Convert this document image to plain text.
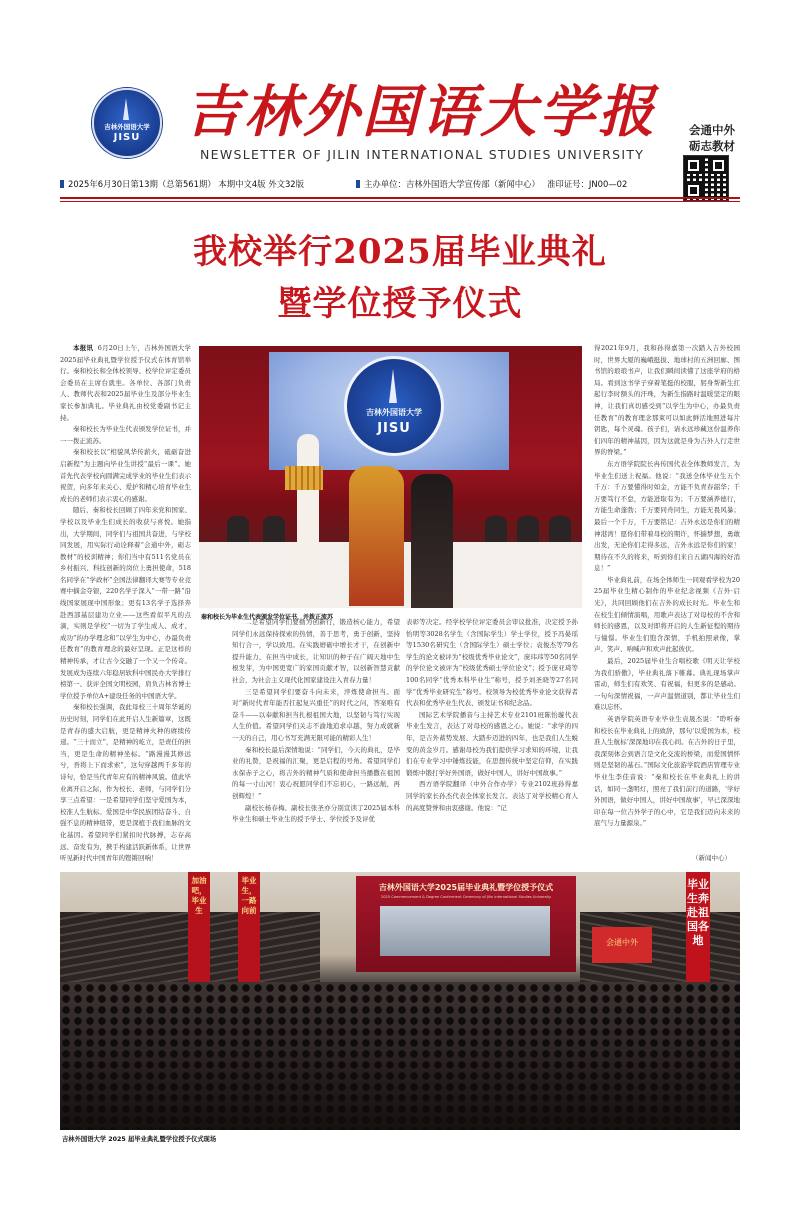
吉林外国语大学
JISU 吉林外国语大学报
NEWSLETTER OF JILIN INTERNATIONAL STUDIES UNIVERSITY
会通中外
砺志教材
2025年6月30日第13期（总第561期） 本期中文4版 外文32版	主办单位：吉林外国语大学宣传部（新闻中心） 准印证号：JN00—02
我校举行2025届毕业典礼
暨学位授予仪式

本报讯 6月20日上午，吉林外国语大学2025届毕业典礼暨学位授予仪式在体育馆举行。秦和校长和全体校领导、校学位评定委员会委员在主席台就坐。各单位、各部门负责人、教师代表和2025届毕业生及部分毕业生家长参加典礼。毕业典礼由校党委副书记主持。

秦和校长为毕业生代表颁发学位证书，并一一拨正流苏。

秦和校长以“相貌风华传薪火，砥砺奋进启新程”为主题向毕业生讲授“最后一课”。她首先代表学校向圆满完成学业的毕业生们表示祝贺，向多年来关心、爱护和精心培育毕业生成长的老师们表示衷心的感谢。

随后，秦和校长回顾了四年来党和国家、学校以及毕业生们成长的收获与喜悦。她指出，大学期间，同学们与祖国共奋进，与学校同发展，用实际行动诠释着“会通中外，砺志教材”的校训精神；你们当中有511名党员在乡村振兴、科技创新的岗位上勇担使命，518名同学在“学政杯”全国法律翻译大赛等专业竞赛中摘金夺银，220名学子深入“一带一路”沿线国家展现中国形象；更有13名学子选择奔赴西部基层建功立业——这些看似平凡的点滴，实则是学校“一切为了学生成人、成才、成功”的办学理念和“以学生为中心，办最负责任教育”的教育理念的最好呈现。正是这样的精神传承，才让古今交融了一个又一个传奇。发展成为连续六年稳居软科中国民办大学排行榜第一、获评全国文明校园，肩负吉林省博士学位授予单位A+建设任务的中国语大学。

秦和校长强调，我此母校三十周年华诞的历史时刻，同学们在此开启人生新篇章，这既是青春的盛大启航，更是精神火种的赓续传递。“三十而立”，是精神的屹立，是责任的担当，更是生命的精神坐标。“路漫漫其修远兮，吾将上下而求索”，这句穿越两千多年的诗句，恰是当代青年应有的精神风貌。值此毕业离开启之际，作为校长、老师，与同学们分享三点希望：一是希望同学们坚守爱国为本，校准人生航标。爱国是中华民族团结奋斗、自强不息的精神纽带，更是深植于我们血脉的文化基因。希望同学们紧扣时代脉搏，志存高远、奋发有为，携手构建活跃新体系，让世界听见新时代中国青年的铿锵回响！

吉林外国语大学
JISU
秦和校长为毕业生代表颁发学位证书，并拨正流苏

二是希望同学们要勤为创新行，锻造核心能力，希望同学们永远保持探索的热情，善于思考，勇于创新，坚持知行合一，学以致用。在实践磨砺中增长才干，在创新中提升能力，在担当中成长，让知识的种子在广阔天地中生根发芽，为中国更宽广的家国贡献才智，以创新智慧贡献社会，为社会主义现代化国家建设注入青春力量！

三是希望同学们要奋斗向未来，淬炼使命担当。面对“新时代青年能否扛起复兴重任”的时代之问，答案唯有奋斗——以奉献和担当扎根祖国大地，以坚韧与笃行实现人生价值。希望同学们关志不渝地追求卓越，努力成就新一天的自己，用心书写充满无限可能的精彩人生！

秦和校长最后深情地说：“同学们，今天的典礼，是毕业的礼赞，是祝福的汇聚，更是启程的号角。希望同学们永保赤子之心，将吉外的精神气质和使命担当播撒在祖国的每一寸山河！衷心祝愿同学们不忘初心，一路远航，再创辉煌！”

副校长杨春梅、副校长张圣亦分别宣读了2025届本科毕业生和硕士毕业生的授予学士、学位授予及评优

表彰等决定。经学校学位评定委员会审议批准，决定授予孙怡明等3028名学生（含国际学生）学士学位，授予冯晏瑶等1530名研究生（含国际学生）硕士学位；袁俊杰等79名学生的论文被评为“校级优秀毕业论文”，庞玮玮等50名同学的学位论文被评为“校级优秀硕士学位论文”；授予庞亚琦等100名同学“优秀本科毕业生”称号，授予刘圣晓等27名同学“优秀毕业研究生”称号。校领导为校优秀毕业论文获得者代表和优秀毕业生代表、颁发证书和纪念品。

国际艺术学院播音与主持艺术专业2101班陈怡璇代表毕业生发言，表达了对母校的感恩之心。她说：“求学的四年，是吉外蓄势发展、大踏步迈进的四年，也是我们人生蜕变的黄金岁月。感谢母校为我们提供学习求知的环境，让我们在专业学习中锤炼技能，在思想传统中坚定信仰，在实践锻炼中锻打学好外国语，做好中国人，讲好中国故事。”

西方语学院翻译（中外合作办学）专业2102班孙得嘉同学的家长孙杰代表全体家长发言。表达了对学校精心育人的高度赞誉和由衷感谢。他说：“记

得2021年9月，我和孙得嘉第一次踏入吉外校园时，世界大厦的巍峨挺拔、地球村的五洲回廊、图书馆的琅琅书声，让我们瞬间读懂了这座学府的格局。看到这书学子穿着笔挺的校服，躬身帮新生扛起行李时额头的汗珠，为新生指路时温暖坚定的眼神，让我们真切感受到“以学生为中心，办最负责任教育”的教育理念那束可以如此鲜活地照进每片钥匙，每个灵魂。孩子们，请永远珍藏这份温养你们四年的精神基因，因为这就是身为吉外人行走世界的脊梁。”

东方语学院院长冉传国代表全体教师发言，为毕业生们送上祝福。他说：“我送全体毕业生五个千万：千万要懂得时如金，方能不负青春韶华；千万要笃行不怠，方能进取有为；千万要涵养德行，方能生命蓬勃；千万要同舟同生，方能无畏风暴；最后一个千万，千万要铭记：吉外永远是你们的精神港湾！愿你们带着母校的期许，怀揣梦想，勇敢出发，无论你们走得多远，吉外永远是你们的家！期待在不久的将来，听到你们来自五湖四海的好消息！”

毕业典礼前，在场全体师生一同观看学校为2025届毕业生精心制作的毕业纪念视频《吉外·启光》，共同回顾他们在吉外的成长时光。毕业生和在校生们倾情演唱，用歌声表达了对母校的不舍和师长的感恩，以及对即将开启的人生新征程的期待与憧憬。毕业生们饱含深情，手机拍照录像，掌声、笑声、呐喊声和欢声此起彼伏。

最后，2025届毕业生合唱校歌《明天让学校为我们骄傲》，毕业典礼落下帷幕。典礼现场掌声雷动，师生们有欢笑、有祝福，但更多的是感动。一句句深情祝福，一声声温情道别，都让毕业生们难以忘怀。

英语学院英语专业毕业生袁晟杰说：“聆听秦和校长在毕业典礼上的致辞，那句‘以爱国为本，校准人生航标’深深地印在我心间。在吉外的日子里，我深刻体会到语言是文化交流的桥梁，而爱国情怀则是坚韧的基石。”国际文化旅游学院酒店管理专业毕业生李佳音说：“秦和校长在毕业典礼上的讲话，如同一盏明灯，照亮了我们前行的道路，‘学好外国语，做好中国人，讲好中国故事’，早已深深地印在每一位吉外学子的心中，它是我们迈向未来的底气与力量源泉。”

（新闻中心）
加油吧，毕业生
毕业生，一路向前
吉林外国语大学2025届毕业典礼暨学位授予仪式
2025 Commencement & Degree Conferment Ceremony of Jilin International Studies University
会通中外
毕业生奔赴祖国各地
吉林外国语大学 2025 届毕业典礼暨学位授予仪式现场
